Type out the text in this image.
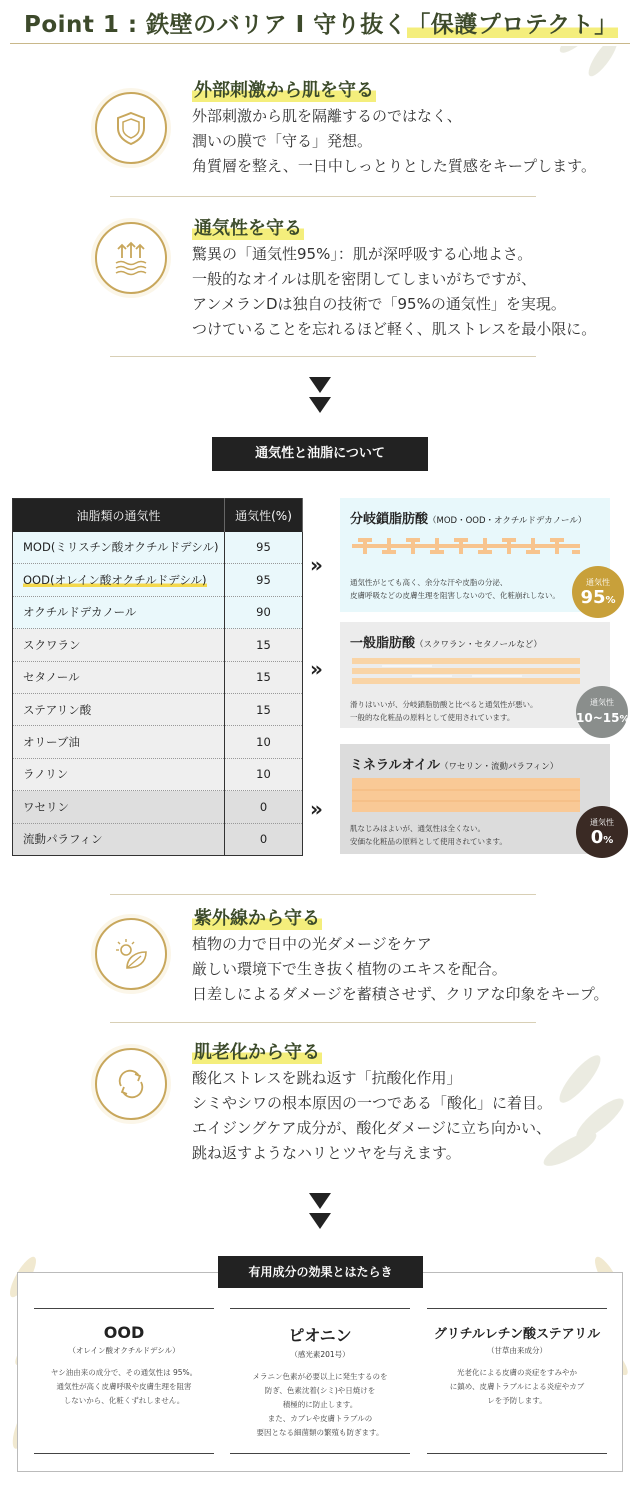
Point 1 : 鉄壁のバリア I 守り抜く「保護プロテクト」
外部刺激から肌を守る
外部刺激から肌を隔離するのではなく、
潤いの膜で「守る」発想。
角質層を整え、一日中しっとりとした質感をキープします。
通気性を守る
驚異の「通気性95%」：肌が深呼吸する心地よさ。
一般的なオイルは肌を密閉してしまいがちですが、
アンメランDは独自の技術で「95%の通気性」を実現。
つけていることを忘れるほど軽く、肌ストレスを最小限に。
通気性と油脂について
油脂類の通気性	通気性(%)
MOD(ミリスチン酸オクチルドデシル)	95
OOD(オレイン酸オクチルドデシル)	95
オクチルドデカノール	90
スクワラン	15
セタノール	15
ステアリン酸	15
オリーブ油	10
ラノリン	10
ワセリン	0
流動パラフィン	0
»
»
»
分岐鎖脂肪酸（MOD・OOD・オクチルドデカノール）
通気性がとても高く、余分な汗や皮脂の分泌、
皮膚呼吸などの皮膚生理を阻害しないので、化粧崩れしない。
通気性
95%
一般脂肪酸（スクワラン・セタノールなど）
滑りはいいが、分岐鎖脂肪酸と比べると通気性が悪い。
一般的な化粧品の原料として使用されています。
通気性
10~15%
ミネラルオイル（ワセリン・流動パラフィン）
肌なじみはよいが、通気性は全くない。
安価な化粧品の原料として使用されています。
通気性
0%
紫外線から守る
植物の力で日中の光ダメージをケア
厳しい環境下で生き抜く植物のエキスを配合。
日差しによるダメージを蓄積させず、クリアな印象をキープ。
肌老化から守る
酸化ストレスを跳ね返す「抗酸化作用」
シミやシワの根本原因の一つである「酸化」に着目。
エイジングケア成分が、酸化ダメージに立ち向かい、
跳ね返すようなハリとツヤを与えます。
有用成分の効果とはたらき
OOD
（オレイン酸オクチルドデシル）
ヤシ油由来の成分で、その通気性は 95%。
通気性が高く皮膚呼吸や皮膚生理を阻害
しないから、化粧くずれしません。
ピオニン
（感光素201号）
メラニン色素が必要以上に発生するのを
防ぎ、色素沈着(シミ)や日焼けを
積極的に防止します。
また、カブレや皮膚トラブルの
要因となる細菌類の繁殖も防ぎます。
グリチルレチン酸ステアリル
（甘草由来成分）
光老化による皮膚の炎症をすみやか
に鎮め、皮膚トラブルによる炎症やカブ
レを予防します。
